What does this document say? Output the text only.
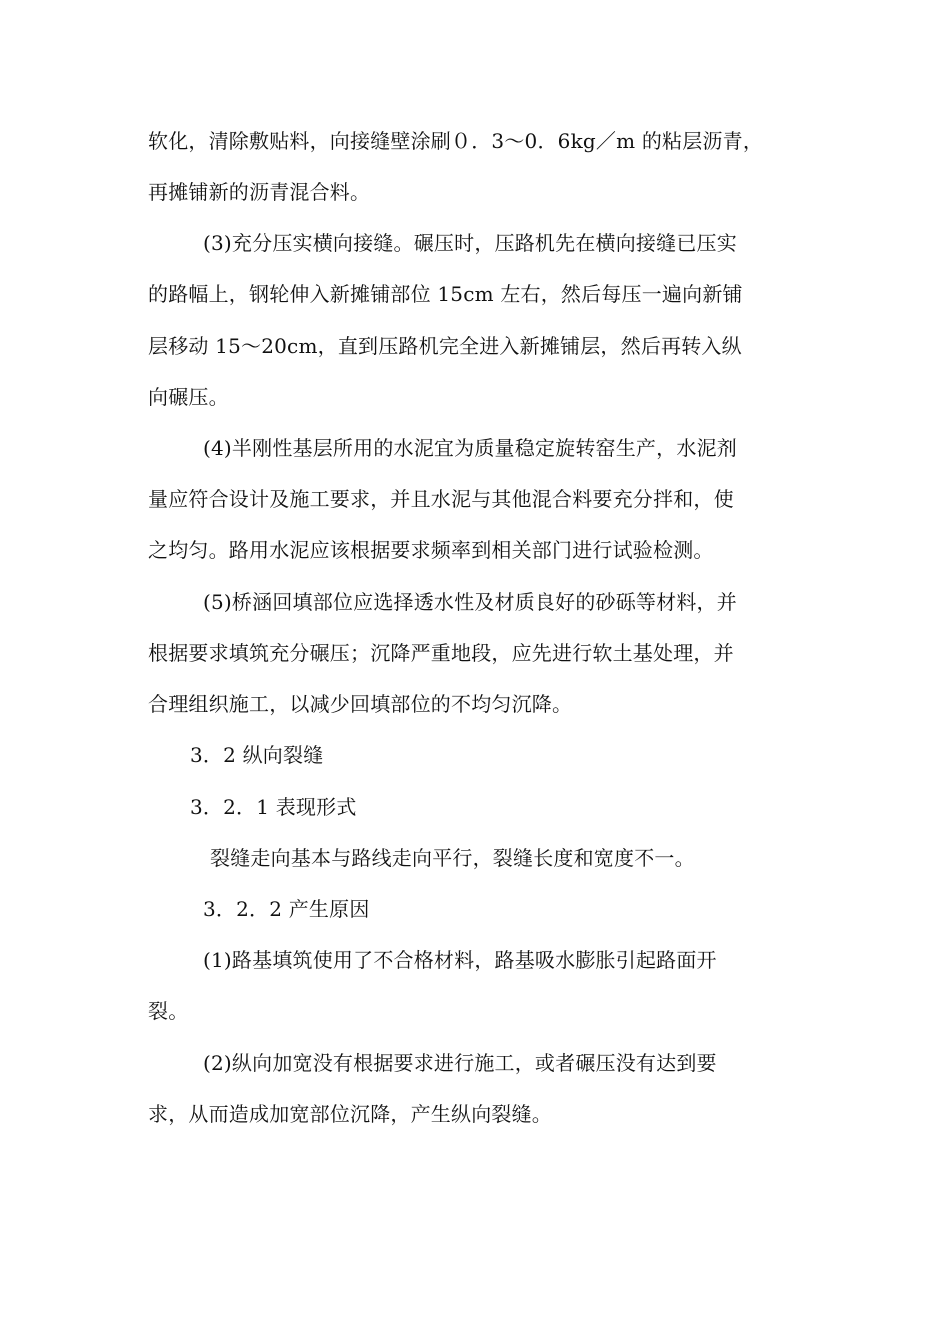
软化，清除敷贴料，向接缝壁涂刷０．3～0．6kg／m 的粘层沥青，
再摊铺新的沥青混合料。
(3)充分压实横向接缝。碾压时，压路机先在横向接缝已压实
的路幅上，钢轮伸入新摊铺部位 15cm 左右，然后每压一遍向新铺
层移动 15～20cm，直到压路机完全进入新摊铺层，然后再转入纵
向碾压。
(4)半刚性基层所用的水泥宜为质量稳定旋转窑生产，水泥剂
量应符合设计及施工要求，并且水泥与其他混合料要充分拌和，使
之均匀。路用水泥应该根据要求频率到相关部门进行试验检测。
(5)桥涵回填部位应选择透水性及材质良好的砂砾等材料，并
根据要求填筑充分碾压；沉降严重地段，应先进行软土基处理，并
合理组织施工，以减少回填部位的不均匀沉降。
3．2 纵向裂缝
3．2．1 表现形式
裂缝走向基本与路线走向平行，裂缝长度和宽度不一。
3．2．2 产生原因
(1)路基填筑使用了不合格材料，路基吸水膨胀引起路面开
裂。
(2)纵向加宽没有根据要求进行施工，或者碾压没有达到要
求，从而造成加宽部位沉降，产生纵向裂缝。
